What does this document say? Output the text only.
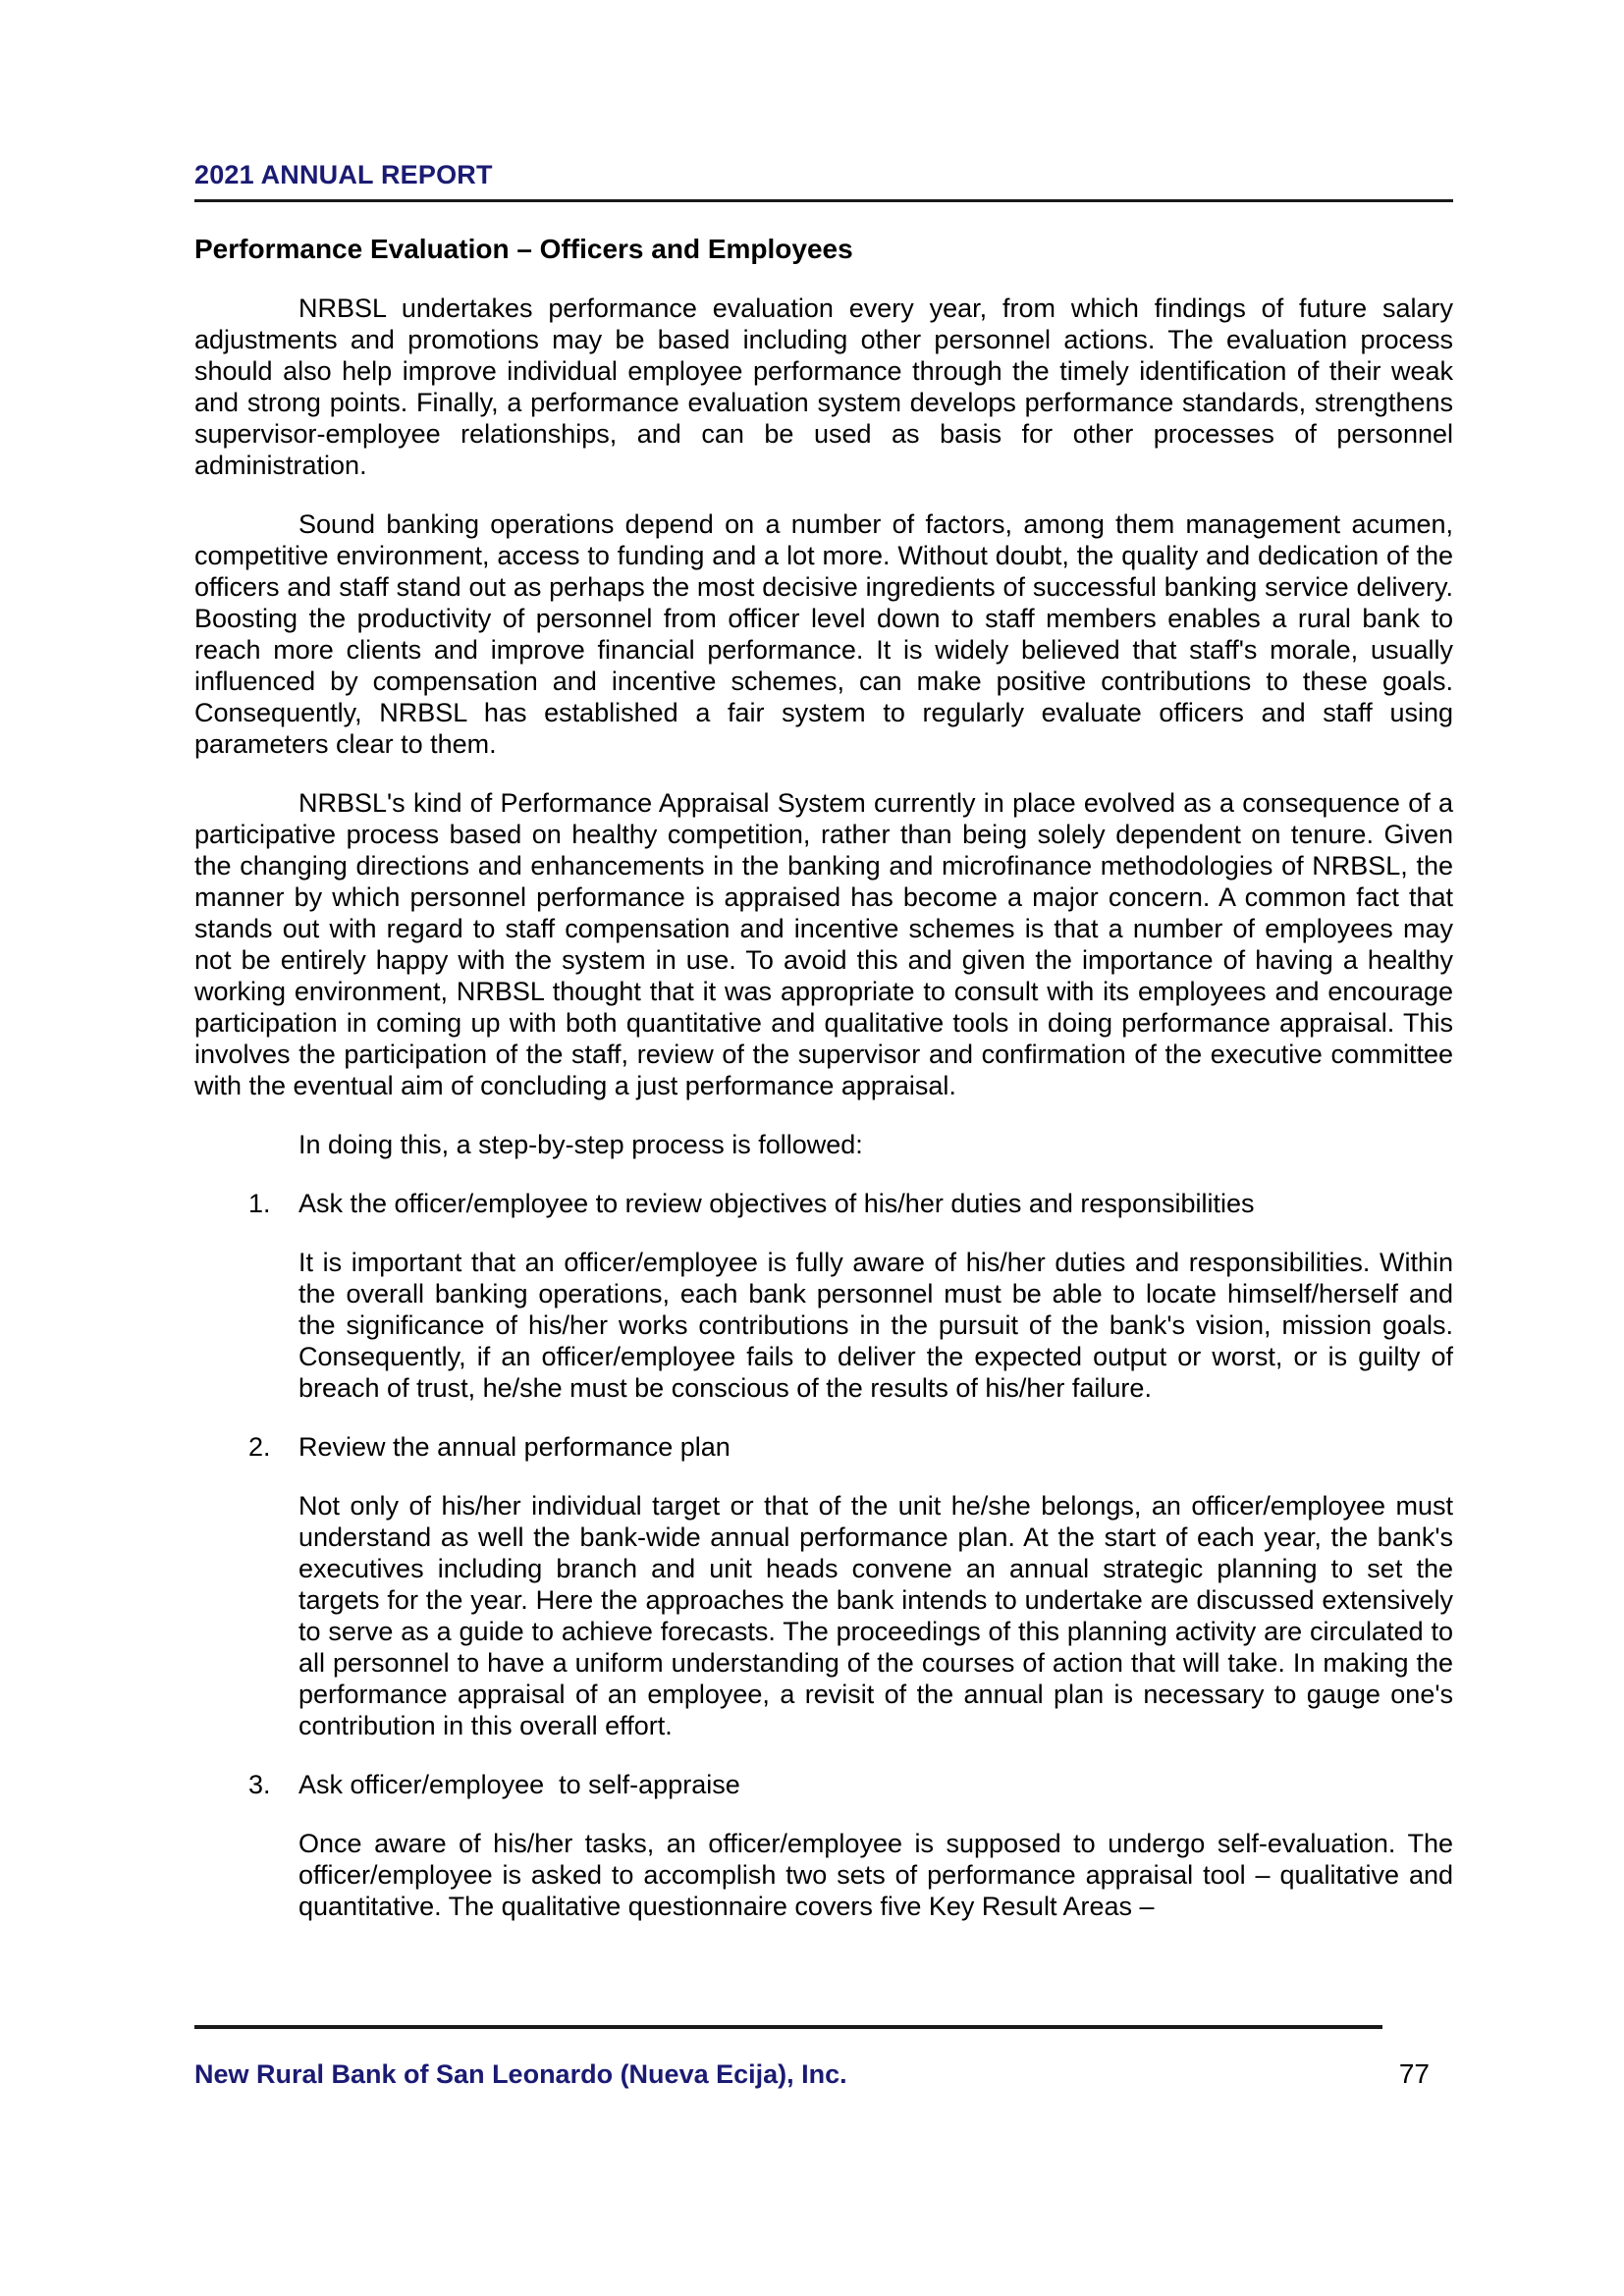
2021 ANNUAL REPORT
Performance Evaluation – Officers and Employees

NRBSL undertakes performance evaluation every year, from which findings of future salary adjustments and promotions may be based including other personnel actions. The evaluation process should also help improve individual employee performance through the timely identification of their weak and strong points. Finally, a performance evaluation system develops performance standards, strengthens supervisor-employee relationships, and can be used as basis for other processes of personnel administration.

Sound banking operations depend on a number of factors, among them management acumen, competitive environment, access to funding and a lot more. Without doubt, the quality and dedication of the officers and staff stand out as perhaps the most decisive ingredients of successful banking service delivery. Boosting the productivity of personnel from officer level down to staff members enables a rural bank to reach more clients and improve financial performance. It is widely believed that staff's morale, usually influenced by compensation and incentive schemes, can make positive contributions to these goals. Consequently, NRBSL has established a fair system to regularly evaluate officers and staff using parameters clear to them.

NRBSL's kind of Performance Appraisal System currently in place evolved as a consequence of a participative process based on healthy competition, rather than being solely dependent on tenure. Given the changing directions and enhancements in the banking and microfinance methodologies of NRBSL, the manner by which personnel performance is appraised has become a major concern. A common fact that stands out with regard to staff compensation and incentive schemes is that a number of employees may not be entirely happy with the system in use. To avoid this and given the importance of having a healthy working environment, NRBSL thought that it was appropriate to consult with its employees and encourage participation in coming up with both quantitative and qualitative tools in doing performance appraisal. This involves the participation of the staff, review of the supervisor and confirmation of the executive committee with the eventual aim of concluding a just performance appraisal.

In doing this, a step-by-step process is followed:

1.	Ask the officer/employee to review objectives of his/her duties and responsibilities

It is important that an officer/employee is fully aware of his/her duties and responsibilities. Within the overall banking operations, each bank personnel must be able to locate himself/herself and the significance of his/her works contributions in the pursuit of the bank's vision, mission goals. Consequently, if an officer/employee fails to deliver the expected output or worst, or is guilty of breach of trust, he/she must be conscious of the results of his/her failure.

2.	Review the annual performance plan

Not only of his/her individual target or that of the unit he/she belongs, an officer/employee must understand as well the bank-wide annual performance plan. At the start of each year, the bank's executives including branch and unit heads convene an annual strategic planning to set the targets for the year. Here the approaches the bank intends to undertake are discussed extensively to serve as a guide to achieve forecasts. The proceedings of this planning activity are circulated to all personnel to have a uniform understanding of the courses of action that will take. In making the performance appraisal of an employee, a revisit of the annual plan is necessary to gauge one's contribution in this overall effort.

3.	Ask officer/employee  to self-appraise

Once aware of his/her tasks, an officer/employee is supposed to undergo self-evaluation. The officer/employee is asked to accomplish two sets of performance appraisal tool – qualitative and quantitative. The qualitative questionnaire covers five Key Result Areas –

New Rural Bank of San Leonardo (Nueva Ecija), Inc.	77
